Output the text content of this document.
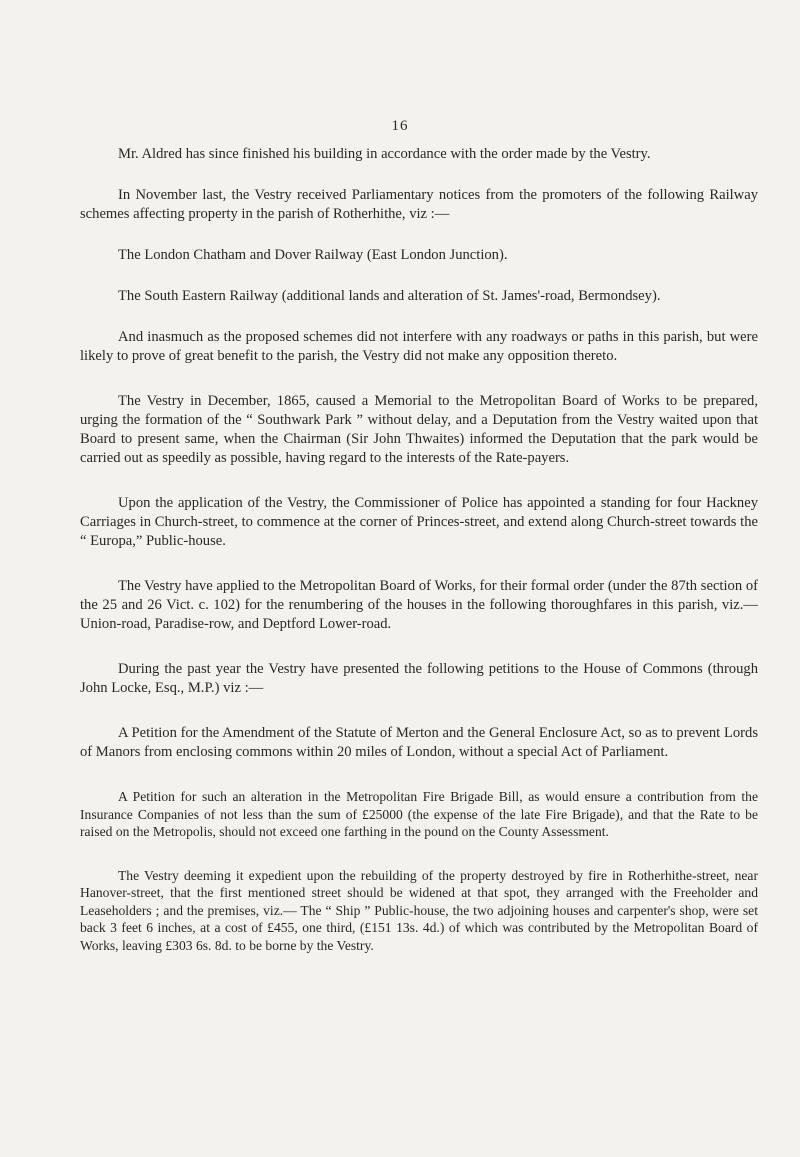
16

Mr. Aldred has since finished his building in accordance with the order made by the Vestry.

In November last, the Vestry received Parliamentary notices from the promoters of the following Railway schemes affecting property in the parish of Rotherhithe, viz :—

The London Chatham and Dover Railway (East London Junction).

The South Eastern Railway (additional lands and alteration of St. James'-road, Bermondsey).

And inasmuch as the proposed schemes did not interfere with any roadways or paths in this parish, but were likely to prove of great benefit to the parish, the Vestry did not make any opposition thereto.

The Vestry in December, 1865, caused a Memorial to the Metropolitan Board of Works to be prepared, urging the formation of the “ Southwark Park ” without delay, and a Deputation from the Vestry waited upon that Board to present same, when the Chairman (Sir John Thwaites) informed the Deputation that the park would be carried out as speedily as possible, having regard to the interests of the Rate-payers.

Upon the application of the Vestry, the Commissioner of Police has appointed a standing for four Hackney Carriages in Church-street, to commence at the corner of Princes-street, and extend along Church-street towards the “ Europa,” Public-house.

The Vestry have applied to the Metropolitan Board of Works, for their formal order (under the 87th section of the 25 and 26 Vict. c. 102) for the renumbering of the houses in the following thoroughfares in this parish, viz.—Union-road, Paradise-row, and Deptford Lower-road.

During the past year the Vestry have presented the following petitions to the House of Commons (through John Locke, Esq., M.P.) viz :—

A Petition for the Amendment of the Statute of Merton and the General Enclosure Act, so as to prevent Lords of Manors from enclosing commons within 20 miles of London, without a special Act of Parliament.

A Petition for such an alteration in the Metropolitan Fire Brigade Bill, as would ensure a contribution from the Insurance Companies of not less than the sum of £25000 (the expense of the late Fire Brigade), and that the Rate to be raised on the Metropolis, should not exceed one farthing in the pound on the County Assessment.

The Vestry deeming it expedient upon the rebuilding of the property destroyed by fire in Rotherhithe-street, near Hanover-street, that the first mentioned street should be widened at that spot, they arranged with the Freeholder and Leaseholders ; and the premises, viz.— The “ Ship ” Public-house, the two adjoining houses and carpenter's shop, were set back 3 feet 6 inches, at a cost of £455, one third, (£151 13s. 4d.) of which was contributed by the Metropolitan Board of Works, leaving £303 6s. 8d. to be borne by the Vestry.
